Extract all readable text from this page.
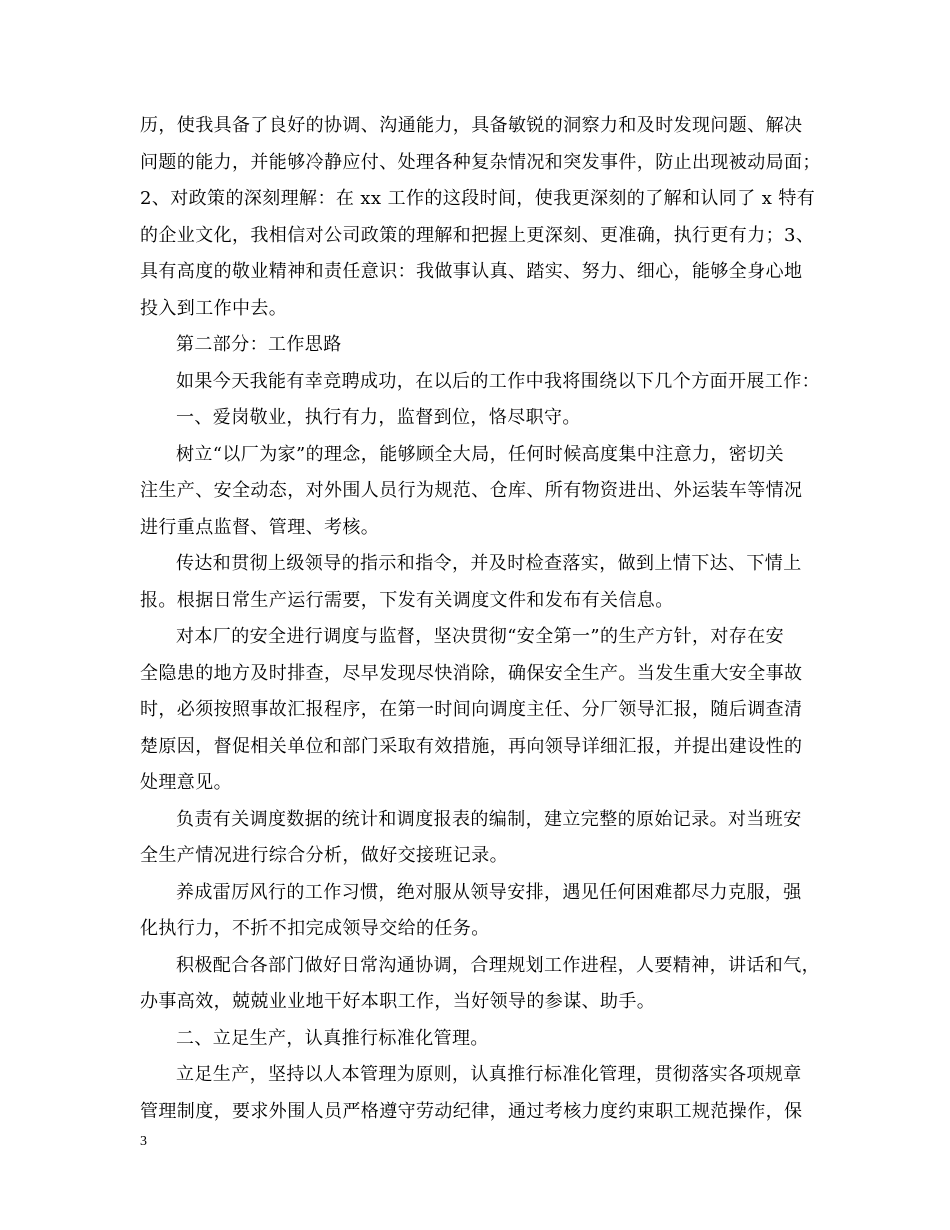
历，使我具备了良好的协调、沟通能力，具备敏锐的洞察力和及时发现问题、解决
问题的能力，并能够冷静应付、处理各种复杂情况和突发事件，防止出现被动局面；
2、对政策的深刻理解：在 xx 工作的这段时间，使我更深刻的了解和认同了 x 特有
的企业文化，我相信对公司政策的理解和把握上更深刻、更准确，执行更有力；3、
具有高度的敬业精神和责任意识：我做事认真、踏实、努力、细心，能够全身心地
投入到工作中去。
第二部分：工作思路
如果今天我能有幸竞聘成功，在以后的工作中我将围绕以下几个方面开展工作：
一、爱岗敬业，执行有力，监督到位，恪尽职守。
树立“以厂为家”的理念，能够顾全大局，任何时候高度集中注意力，密切关
注生产、安全动态，对外围人员行为规范、仓库、所有物资进出、外运装车等情况
进行重点监督、管理、考核。
传达和贯彻上级领导的指示和指令，并及时检查落实，做到上情下达、下情上
报。根据日常生产运行需要，下发有关调度文件和发布有关信息。
对本厂的安全进行调度与监督，坚决贯彻“安全第一”的生产方针，对存在安
全隐患的地方及时排查，尽早发现尽快消除，确保安全生产。当发生重大安全事故
时，必须按照事故汇报程序，在第一时间向调度主任、分厂领导汇报，随后调查清
楚原因，督促相关单位和部门采取有效措施，再向领导详细汇报，并提出建设性的
处理意见。
负责有关调度数据的统计和调度报表的编制，建立完整的原始记录。对当班安
全生产情况进行综合分析，做好交接班记录。
养成雷厉风行的工作习惯，绝对服从领导安排，遇见任何困难都尽力克服，强
化执行力，不折不扣完成领导交给的任务。
积极配合各部门做好日常沟通协调，合理规划工作进程，人要精神，讲话和气，
办事高效，兢兢业业地干好本职工作，当好领导的参谋、助手。
二、立足生产，认真推行标准化管理。
立足生产，坚持以人本管理为原则，认真推行标准化管理，贯彻落实各项规章
管理制度，要求外围人员严格遵守劳动纪律，通过考核力度约束职工规范操作，保
3
